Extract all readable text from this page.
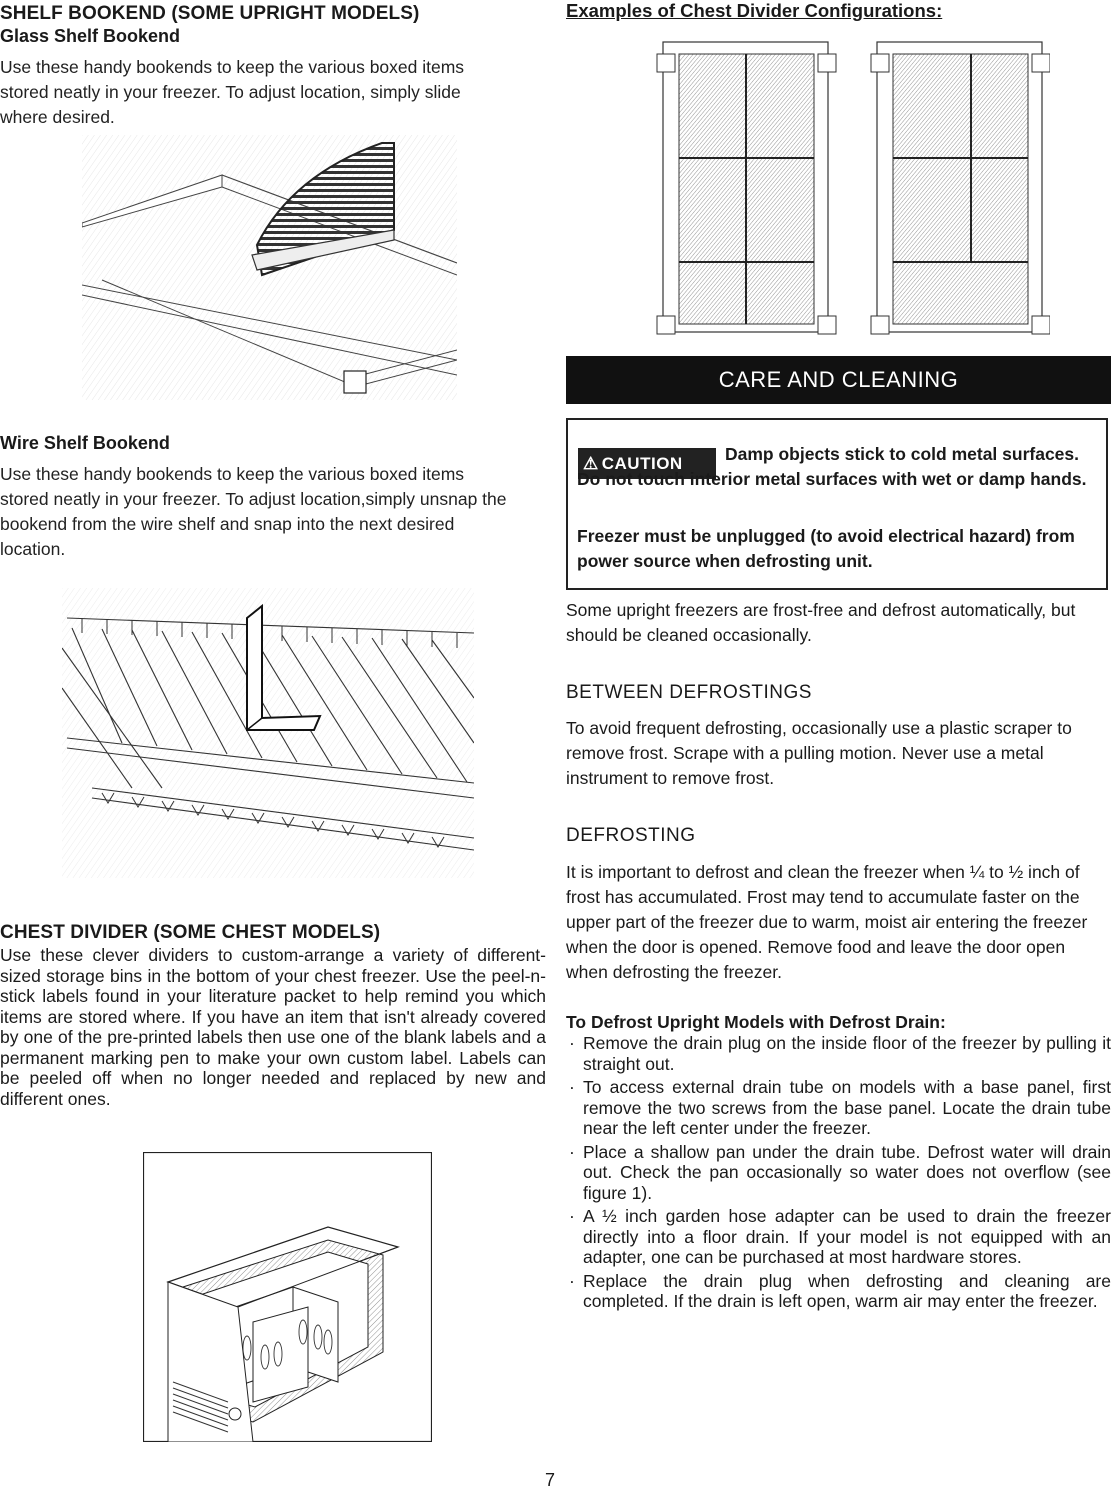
SHELF BOOKEND (SOME UPRIGHT MODELS)
Glass Shelf Bookend

Use these handy bookends to keep the various boxed items stored neatly in your freezer. To adjust location, simply slide where desired.

Wire Shelf Bookend

Use these handy bookends to keep the various boxed items stored neatly in your freezer. To adjust location,simply unsnap the bookend from the wire shelf and snap into the next desired location.

CHEST DIVIDER (SOME CHEST MODELS)

Use these clever dividers to custom-arrange a variety of different-sized storage bins in the bottom of your chest freezer. Use the peel-n-stick labels found in your literature packet to help remind you which items are stored where. If you have an item that isn't already covered by one of the pre-printed labels then use one of the blank labels and a permanent marking pen to make your own custom label. Labels can be peeled off when no longer needed and replaced by new and different ones.

Examples of Chest Divider Configurations:
CARE AND CLEANING
⚠ CAUTION	Damp objects stick to cold metal surfaces. Do not touch interior metal surfaces with wet or damp hands.
Freezer must be unplugged (to avoid electrical hazard) from power source when defrosting unit.
Some upright freezers are frost-free and defrost automatically, but should be cleaned occasionally.
BETWEEN DEFROSTINGS
To avoid frequent defrosting, occasionally use a plastic scraper to remove frost. Scrape with a pulling motion. Never use a metal instrument to remove frost.
DEFROSTING
It is important to defrost and clean the freezer when ¼ to ½ inch of frost has accumulated. Frost may tend to accumulate faster on the upper part of the freezer due to warm, moist air entering the freezer when the door is opened. Remove food and leave the door open when defrosting the freezer.
To Defrost Upright Models with Defrost Drain:
· Remove the drain plug on the inside floor of the freezer by pulling it straight out.
· To access external drain tube on models with a base panel, first remove the two screws from the base panel. Locate the drain tube near the left center under the freezer.
· Place a shallow pan under the drain tube. Defrost water will drain out. Check the pan occasionally so water does not overflow (see figure 1).
· A ½ inch garden hose adapter can be used to drain the freezer directly into a floor drain. If your model is not equipped with an adapter, one can be purchased at most hardware stores.
· Replace the drain plug when defrosting and cleaning are completed. If the drain is left open, warm air may enter the freezer.
7
